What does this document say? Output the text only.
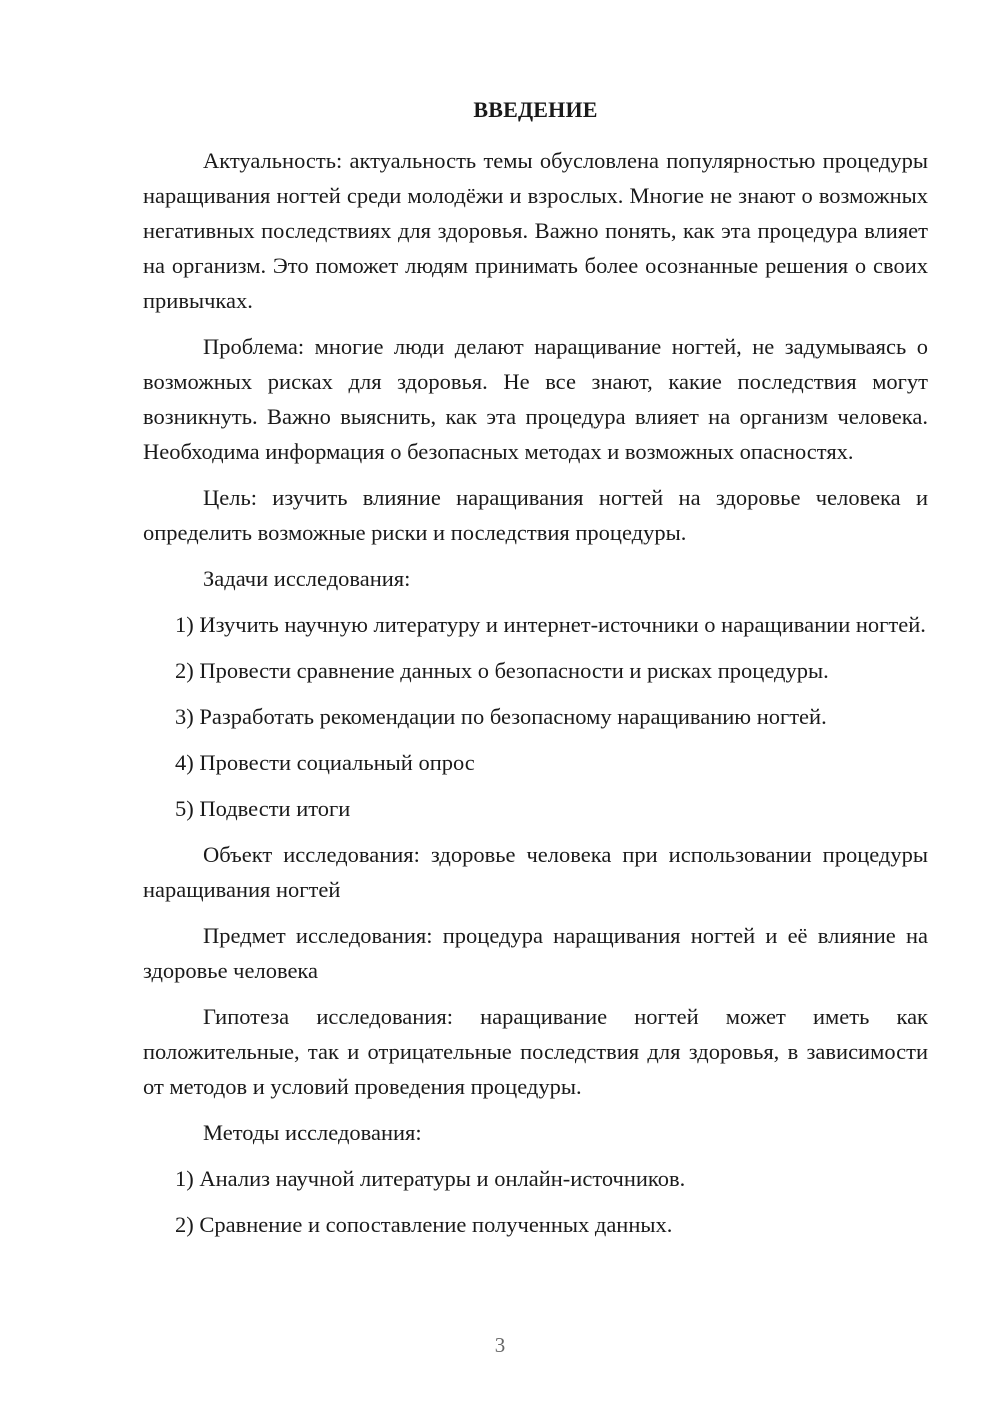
ВВЕДЕНИЕ

Актуальность: актуальность темы обусловлена популярностью процедуры наращивания ногтей среди молодёжи и взрослых. Многие не знают о возможных негативных последствиях для здоровья. Важно понять, как эта процедура влияет на организм. Это поможет людям принимать более осознанные решения о своих привычках.

Проблема: многие люди делают наращивание ногтей, не задумываясь о возможных рисках для здоровья. Не все знают, какие последствия могут возникнуть. Важно выяснить, как эта процедура влияет на организм человека. Необходима информация о безопасных методах и возможных опасностях.

Цель: изучить влияние наращивания ногтей на здоровье человека и определить возможные риски и последствия процедуры.

Задачи исследования:

1) Изучить научную литературу и интернет-источники о наращивании ногтей.

2) Провести сравнение данных о безопасности и рисках процедуры.

3) Разработать рекомендации по безопасному наращиванию ногтей.

4) Провести социальный опрос

5) Подвести итоги

Объект исследования: здоровье человека при использовании процедуры наращивания ногтей

Предмет исследования: процедура наращивания ногтей и её влияние на здоровье человека

Гипотеза исследования: наращивание ногтей может иметь как положительные, так и отрицательные последствия для здоровья, в зависимости от методов и условий проведения процедуры.

Методы исследования:

1) Анализ научной литературы и онлайн-источников.

2) Сравнение и сопоставление полученных данных.

3
